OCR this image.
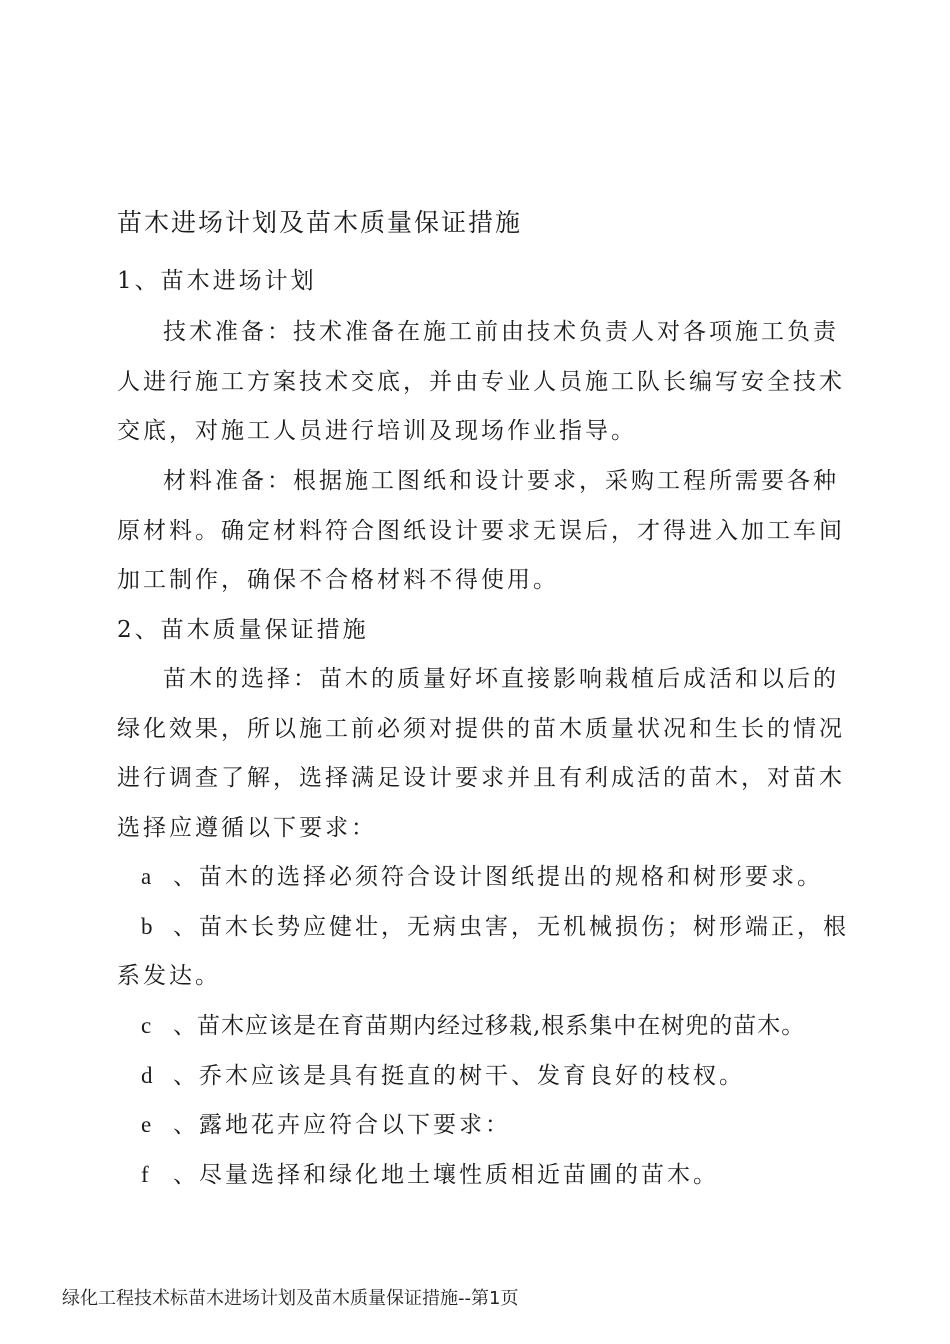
苗木进场计划及苗木质量保证措施
1、苗木进场计划
技术准备：技术准备在施工前由技术负责人对各项施工负责
人进行施工方案技术交底，并由专业人员施工队长编写安全技术
交底，对施工人员进行培训及现场作业指导。
材料准备：根据施工图纸和设计要求，采购工程所需要各种
原材料。确定材料符合图纸设计要求无误后，才得进入加工车间
加工制作，确保不合格材料不得使用。
2、苗木质量保证措施
苗木的选择：苗木的质量好坏直接影响栽植后成活和以后的
绿化效果，所以施工前必须对提供的苗木质量状况和生长的情况
进行调查了解，选择满足设计要求并且有利成活的苗木，对苗木
选择应遵循以下要求：
a 、苗木的选择必须符合设计图纸提出的规格和树形要求。
b 、苗木长势应健壮，无病虫害，无机械损伤；树形端正，根
系发达。
c 、苗木应该是在育苗期内经过移栽,根系集中在树兜的苗木。
d 、乔木应该是具有挺直的树干、发育良好的枝杈。
e 、露地花卉应符合以下要求：
f 、尽量选择和绿化地土壤性质相近苗圃的苗木。
绿化工程技术标苗木进场计划及苗木质量保证措施--第1页
